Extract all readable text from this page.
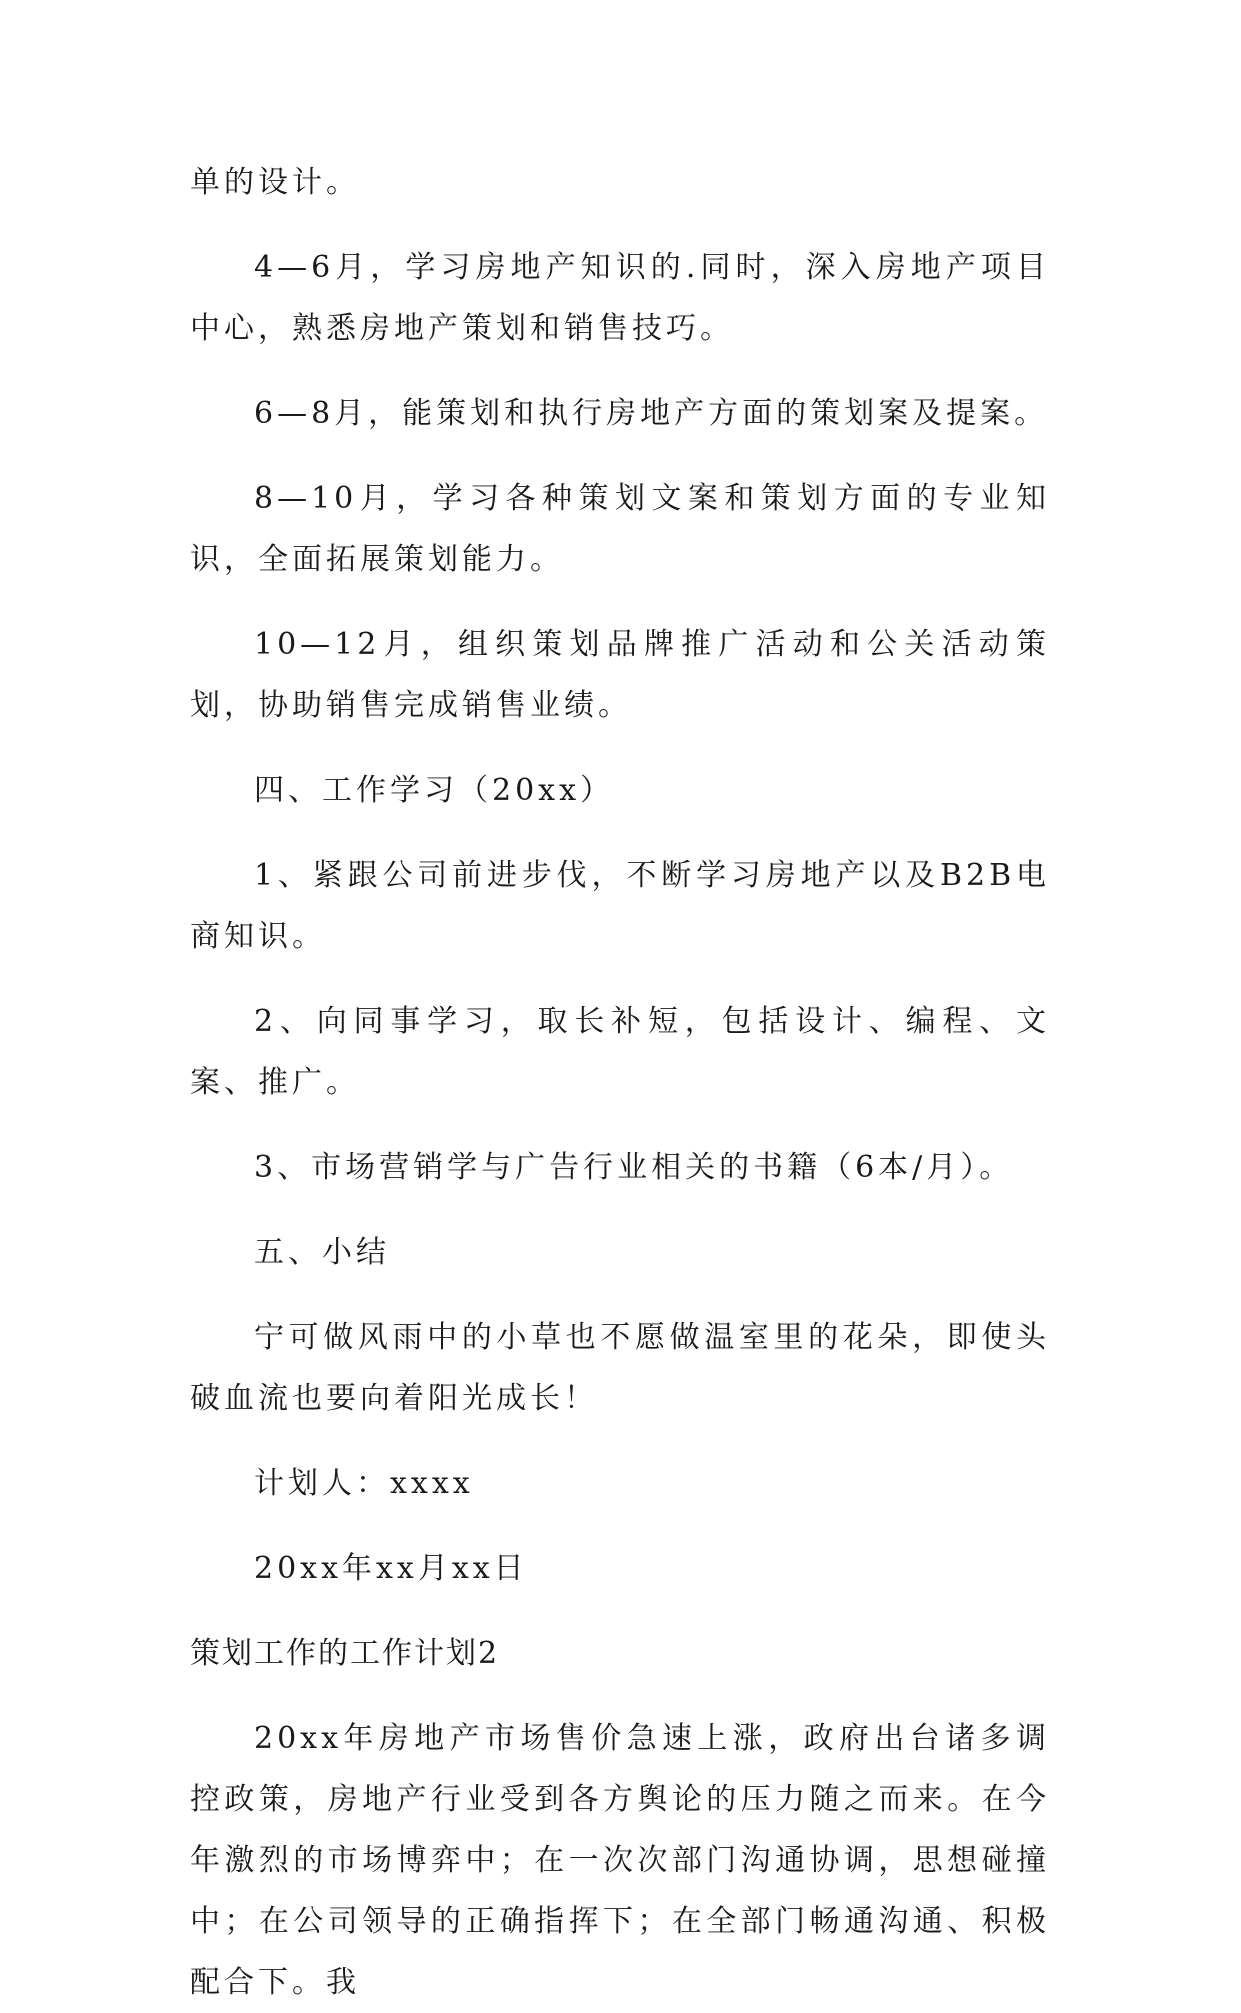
单的设计。

4—6月，学习房地产知识的.同时，深入房地产项目中心，熟悉房地产策划和销售技巧。

6—8月，能策划和执行房地产方面的策划案及提案。

8—10月，学习各种策划文案和策划方面的专业知识，全面拓展策划能力。

10—12月，组织策划品牌推广活动和公关活动策划，协助销售完成销售业绩。

四、工作学习（20xx）

1、紧跟公司前进步伐，不断学习房地产以及B2B电商知识。

2、向同事学习，取长补短，包括设计、编程、文案、推广。

3、市场营销学与广告行业相关的书籍（6本/月）。

五、小结

宁可做风雨中的小草也不愿做温室里的花朵，即使头破血流也要向着阳光成长！

计划人：xxxx

20xx年xx月xx日

策划工作的工作计划2

20xx年房地产市场售价急速上涨，政府出台诸多调控政策，房地产行业受到各方舆论的压力随之而来。在今年激烈的市场博弈中；在一次次部门沟通协调，思想碰撞中；在公司领导的正确指挥下；在全部门畅通沟通、积极配合下。我
